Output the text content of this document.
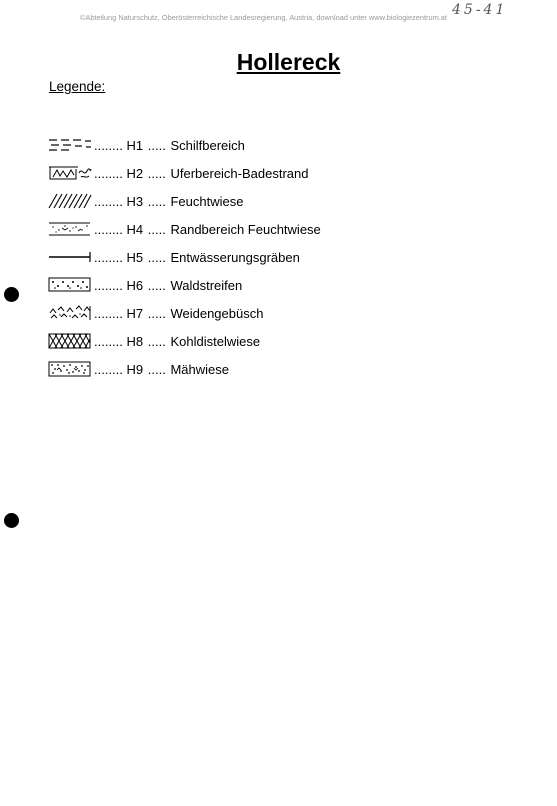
©Abteilung Naturschutz, Oberösterreichische Landesregierung, Austria, download unter www.biologiezentrum.at 45-41
Hollereck
Legende:
........
H1
.....
Schilfbereich
........
H2
.....
Uferbereich-Badestrand
........
H3
.....
Feuchtwiese
........
H4
.....
Randbereich Feuchtwiese
........
H5
.....
Entwässerungsgräben
........
H6
.....
Waldstreifen
........
H7
.....
Weidengebüsch
........
H8
.....
Kohldistelwiese
........
H9
.....
Mähwiese
